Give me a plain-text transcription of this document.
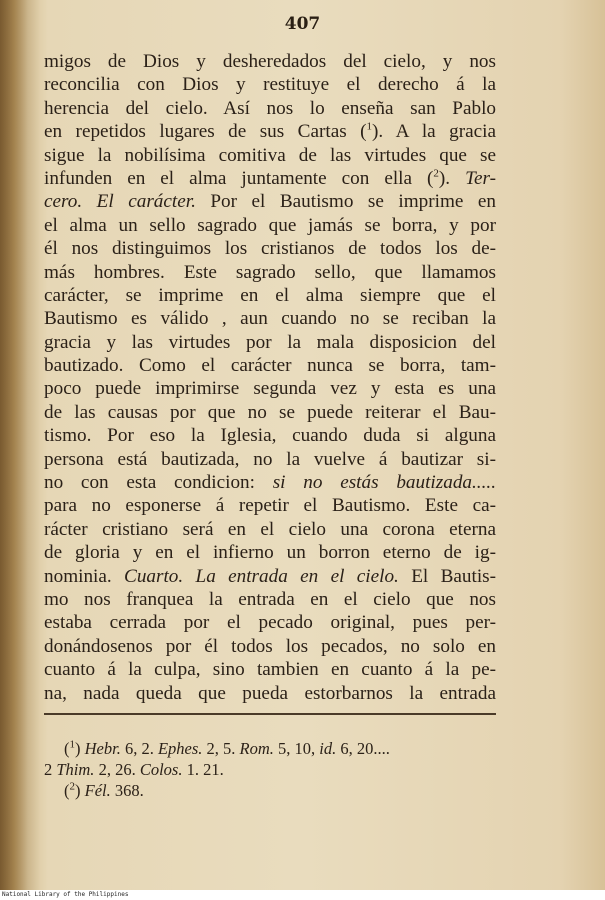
407
migos de Dios y desheredados del cielo, y nos
reconcilia con Dios y restituye el derecho á la
herencia del cielo. Así nos lo enseña san Pablo
en repetidos lugares de sus Cartas ($^1$). A la gracia
sigue la nobilísima comitiva de las virtudes que se
infunden en el alma juntamente con ella ($^2$). Ter-
cero. El carácter. Por el Bautismo se imprime en
el alma un sello sagrado que jamás se borra, y por
él nos distinguimos los cristianos de todos los de-
más hombres. Este sagrado sello, que llamamos
carácter, se imprime en el alma siempre que el
Bautismo es válido , aun cuando no se reciban la
gracia y las virtudes por la mala disposicion del
bautizado. Como el carácter nunca se borra, tam-
poco puede imprimirse segunda vez y esta es una
de las causas por que no se puede reiterar el Bau-
tismo. Por eso la Iglesia, cuando duda si alguna
persona está bautizada, no la vuelve á bautizar si-
no con esta condicion: si no estás bautizada.....
para no esponerse á repetir el Bautismo. Este ca-
rácter cristiano será en el cielo una corona eterna
de gloria y en el infierno un borron eterno de ig-
nominia. Cuarto. La entrada en el cielo. El Bautis-
mo nos franquea la entrada en el cielo que nos
estaba cerrada por el pecado original, pues per-
donándosenos por él todos los pecados, no solo en
cuanto á la culpa, sino tambien en cuanto á la pe-
na, nada queda que pueda estorbarnos la entrada
($^1$) Hebr. 6, 2. Ephes. 2, 5. Rom. 5, 10, id. 6, 20....
2 Thim. 2, 26. Colos. 1. 21.
($^2$) Fél. 368.
National Library of the Philippines
